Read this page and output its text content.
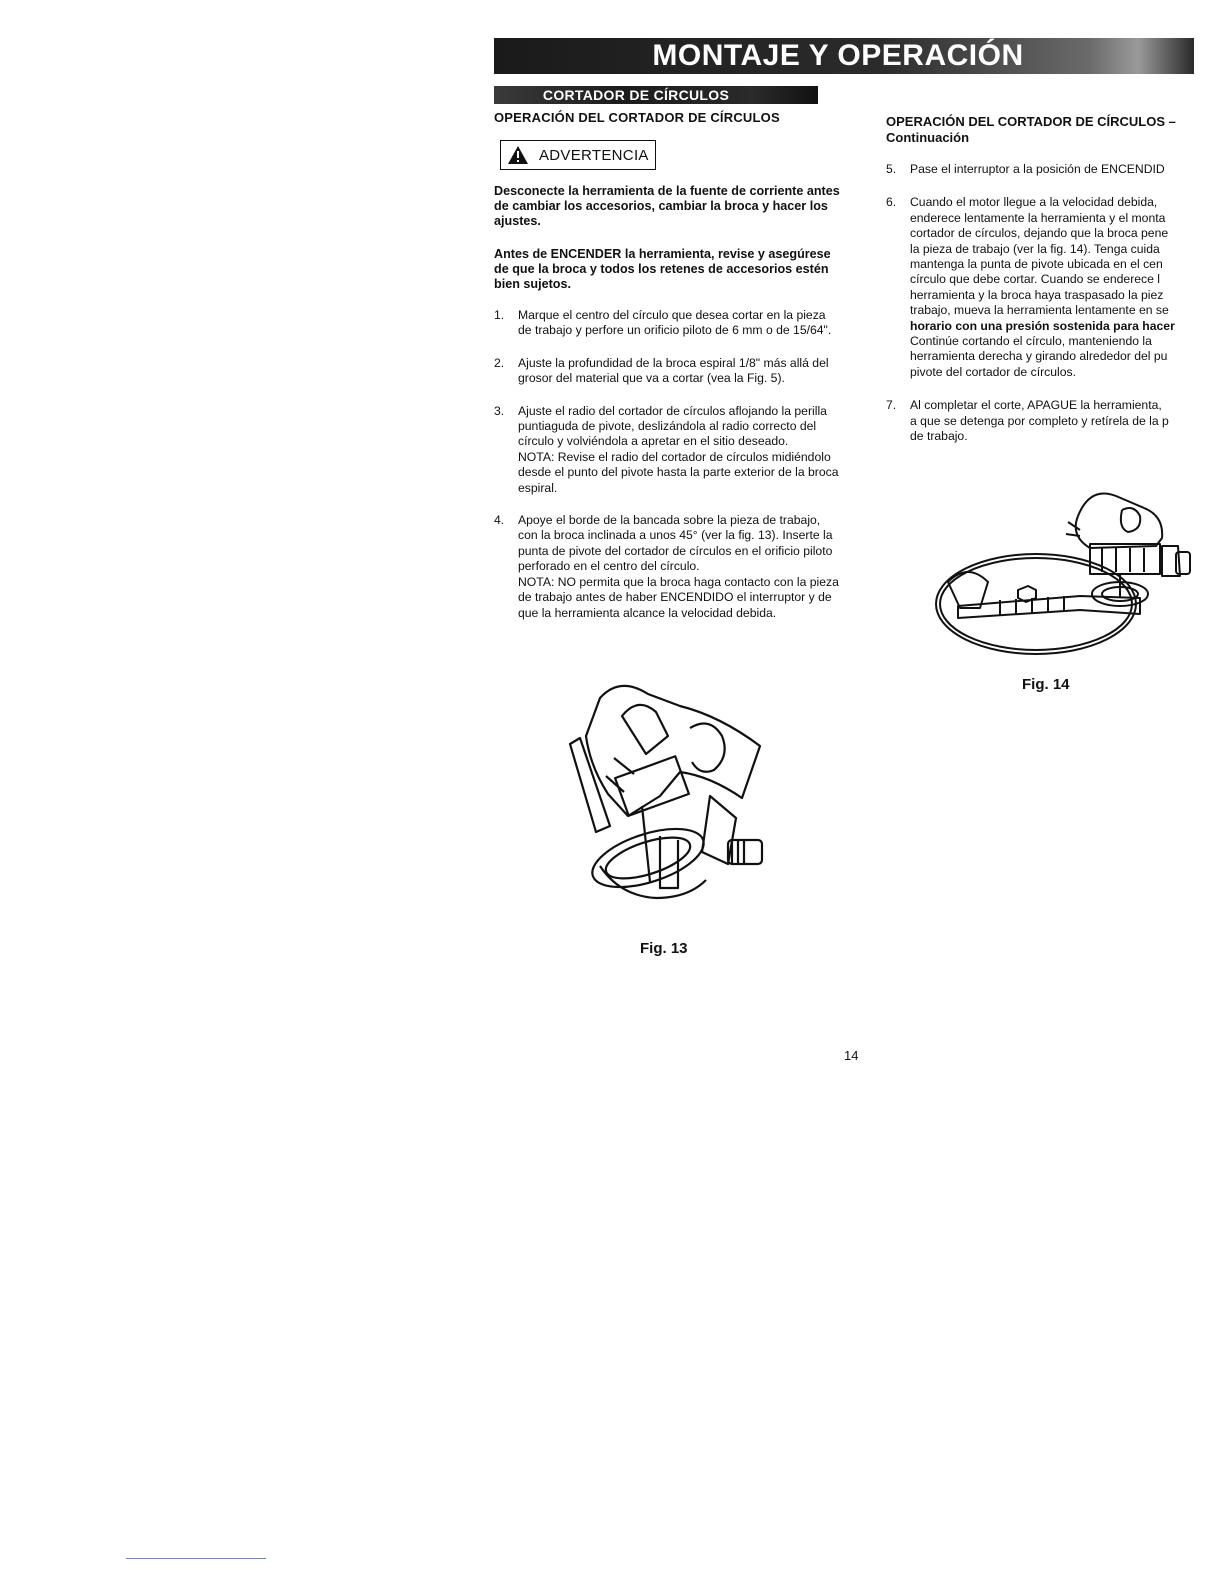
MONTAJE Y OPERACIÓN
CORTADOR DE CÍRCULOS
OPERACIÓN DEL CORTADOR DE CÍRCULOS
ADVERTENCIA

Desconecte la herramienta de la fuente de corriente antes de cambiar los accesorios, cambiar la broca y hacer los ajustes.

Antes de ENCENDER la herramienta, revise y asegúrese de que la broca y todos los retenes de accesorios estén bien sujetos.

1. Marque el centro del círculo que desea cortar en la pieza de trabajo y perfore un orificio piloto de 6 mm o de 15/64".
2. Ajuste la profundidad de la broca espiral 1/8" más allá del grosor del material que va a cortar (vea la Fig. 5).
3. Ajuste el radio del cortador de círculos aflojando la perilla puntiaguda de pivote, deslizándola al radio correcto del círculo y volviéndola a apretar en el sitio deseado.
NOTA: Revise el radio del cortador de círculos midiéndolo desde el punto del pivote hasta la parte exterior de la broca espiral.
4. Apoye el borde de la bancada sobre la pieza de trabajo, con la broca inclinada a unos 45° (ver la fig. 13). Inserte la punta de pivote del cortador de círculos en el orificio piloto perforado en el centro del círculo.
NOTA: NO permita que la broca haga contacto con la pieza de trabajo antes de haber ENCENDIDO el interruptor y de que la herramienta alcance la velocidad debida.
Fig. 13
OPERACIÓN DEL CORTADOR DE CÍRCULOS –
Continuación
5. Pase el interruptor a la posición de ENCENDID
6. Cuando el motor llegue a la velocidad debida,
enderece lentamente la herramienta y el monta
cortador de círculos, dejando que la broca pene
la pieza de trabajo (ver la fig. 14). Tenga cuida
mantenga la punta de pivote ubicada en el cen
círculo que debe cortar. Cuando se enderece l
herramienta y la broca haya traspasado la piez
trabajo, mueva la herramienta lentamente en se
horario con una presión sostenida para hacer
Continúe cortando el círculo, manteniendo la
herramienta derecha y girando alrededor del pu
pivote del cortador de círculos.
7. Al completar el corte, APAGUE la herramienta,
a que se detenga por completo y retírela de la p
de trabajo.
Fig. 14
14
